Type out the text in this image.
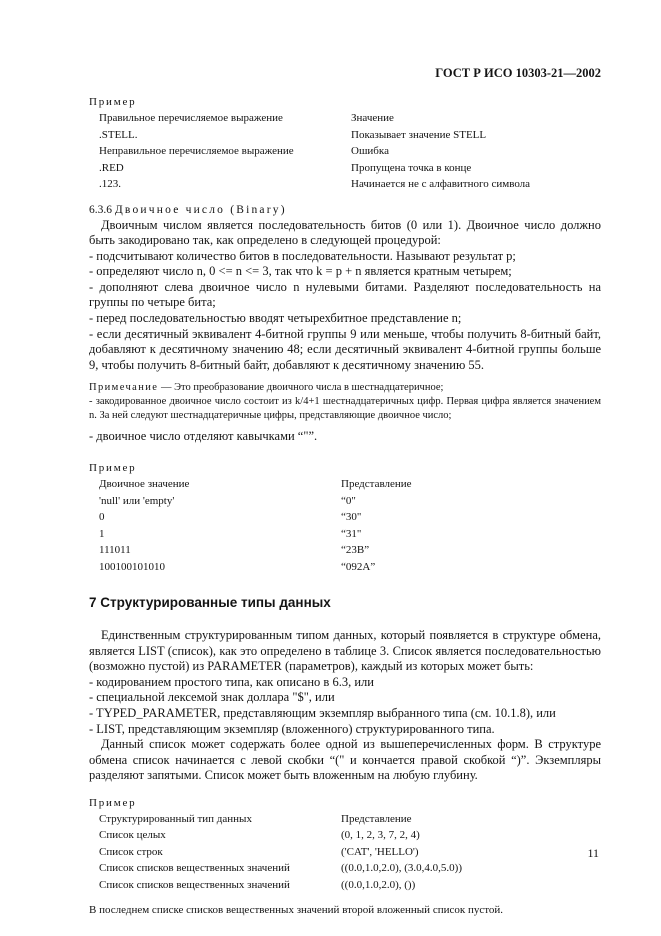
ГОСТ Р ИСО 10303-21—2002
Пример
Правильное перечисляемое выражение	Значение
.STELL.	Показывает значение STELL
Неправильное перечисляемое выражение	Ошибка
.RED	Пропущена точка в конце
.123.	Начинается не с алфавитного символа
6.3.6 Двоичное число (Binary)

Двоичным числом является последовательность битов (0 или 1). Двоичное число должно быть закодировано так, как определено в следующей процедурой:

- подсчитывают количество битов в последовательности. Называют результат p;

- определяют число n, 0 <= n <= 3, так что k = p + n является кратным четырем;

- дополняют слева двоичное число n нулевыми битами. Разделяют последовательность на группы по четыре бита;

- перед последовательностью вводят четырехбитное представление n;

- если десятичный эквивалент 4-битной группы 9 или меньше, чтобы получить 8-битный байт, добавляют к десятичному значению 48; если десятичный эквивалент 4-битной группы больше 9, чтобы получить 8-битный байт, добавляют к десятичному значению 55.

Примечание — Это преобразование двоичного числа в шестнадцатеричное;

- закодированное двоичное число состоит из k/4+1 шестнадцатеричных цифр. Первая цифра является значением n. За ней следуют шестнадцатеричные цифры, представляющие двоичное число;

- двоичное число отделяют кавычками “"”.

Пример
Двоичное значение	Представление
'null' или 'empty'	“0"
0	“30"
1	“31"
111011	“23B”
100100101010	“092A”
7 Структурированные типы данных

Единственным структурированным типом данных, который появляется в структуре обмена, является LIST (список), как это определено в таблице 3. Список является последовательностью (возможно пустой) из PARAMETER (параметров), каждый из которых может быть:

- кодированием простого типа, как описано в 6.3, или

- специальной лексемой знак доллара "$", или

- TYPED_PARAMETER, представляющим экземпляр выбранного типа (см. 10.1.8), или

- LIST, представляющим экземпляр (вложенного) структурированного типа.

Данный список может содержать более одной из вышеперечисленных форм. В структуре обмена список начинается с левой скобки “(" и кончается правой скобкой “)”. Экземпляры разделяют запятыми. Список может быть вложенным на любую глубину.

Пример
Структурированный тип данных	Представление
Список целых	(0, 1, 2, 3, 7, 2, 4)
Список строк	('CAT', 'HELLO')
Список списков вещественных значений	((0.0,1.0,2.0), (3.0,4.0,5.0))
Список списков вещественных значений	((0.0,1.0,2.0), ())
В последнем списке списков вещественных значений второй вложенный список пустой.
11
